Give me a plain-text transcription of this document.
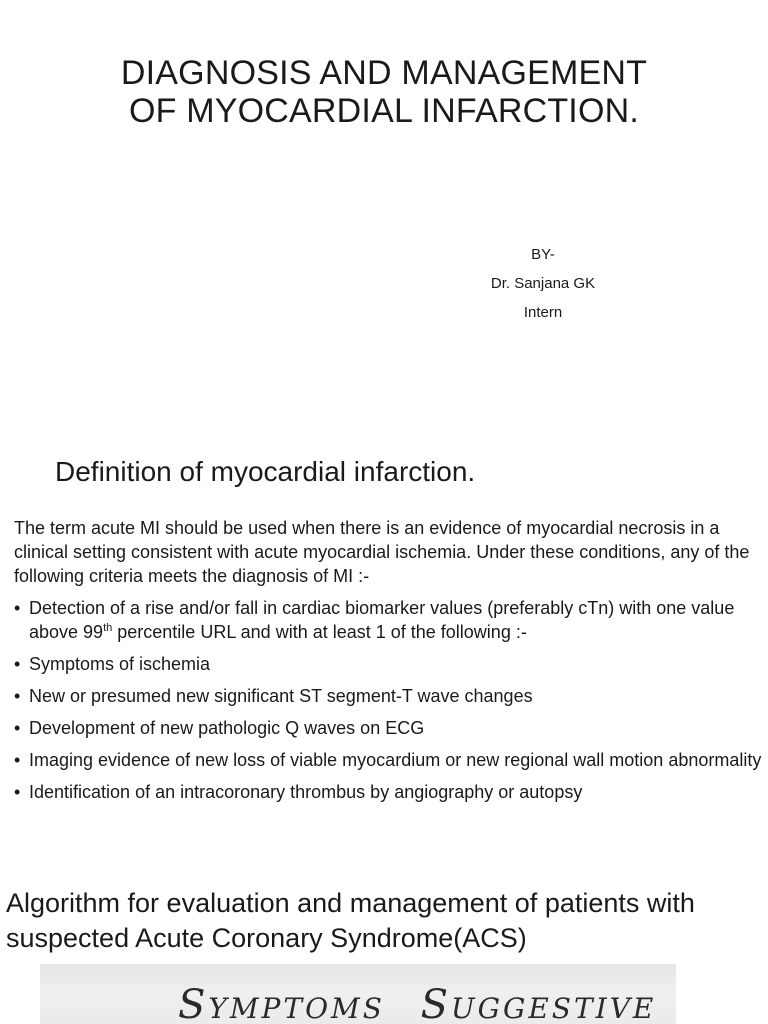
DIAGNOSIS AND MANAGEMENT
OF MYOCARDIAL INFARCTION.
BY-
Dr. Sanjana GK
Intern
Definition of myocardial infarction.

The term acute MI should be used when there is an evidence of myocardial necrosis in a clinical setting consistent with acute myocardial ischemia. Under these conditions, any of the following criteria meets the diagnosis of MI :-

• Detection of a rise and/or fall in cardiac biomarker values (preferably cTn) with one value above 99th percentile URL and with at least 1 of the following :-
• Symptoms of ischemia
• New or presumed new significant ST segment-T wave changes
• Development of new pathologic Q waves on ECG
• Imaging evidence of new loss of viable myocardium or new regional wall motion abnormality
• Identification of an intracoronary thrombus by angiography or autopsy
Algorithm for evaluation and management of patients with suspected Acute Coronary Syndrome(ACS)
SYMPTOMS SUGGESTIVE
